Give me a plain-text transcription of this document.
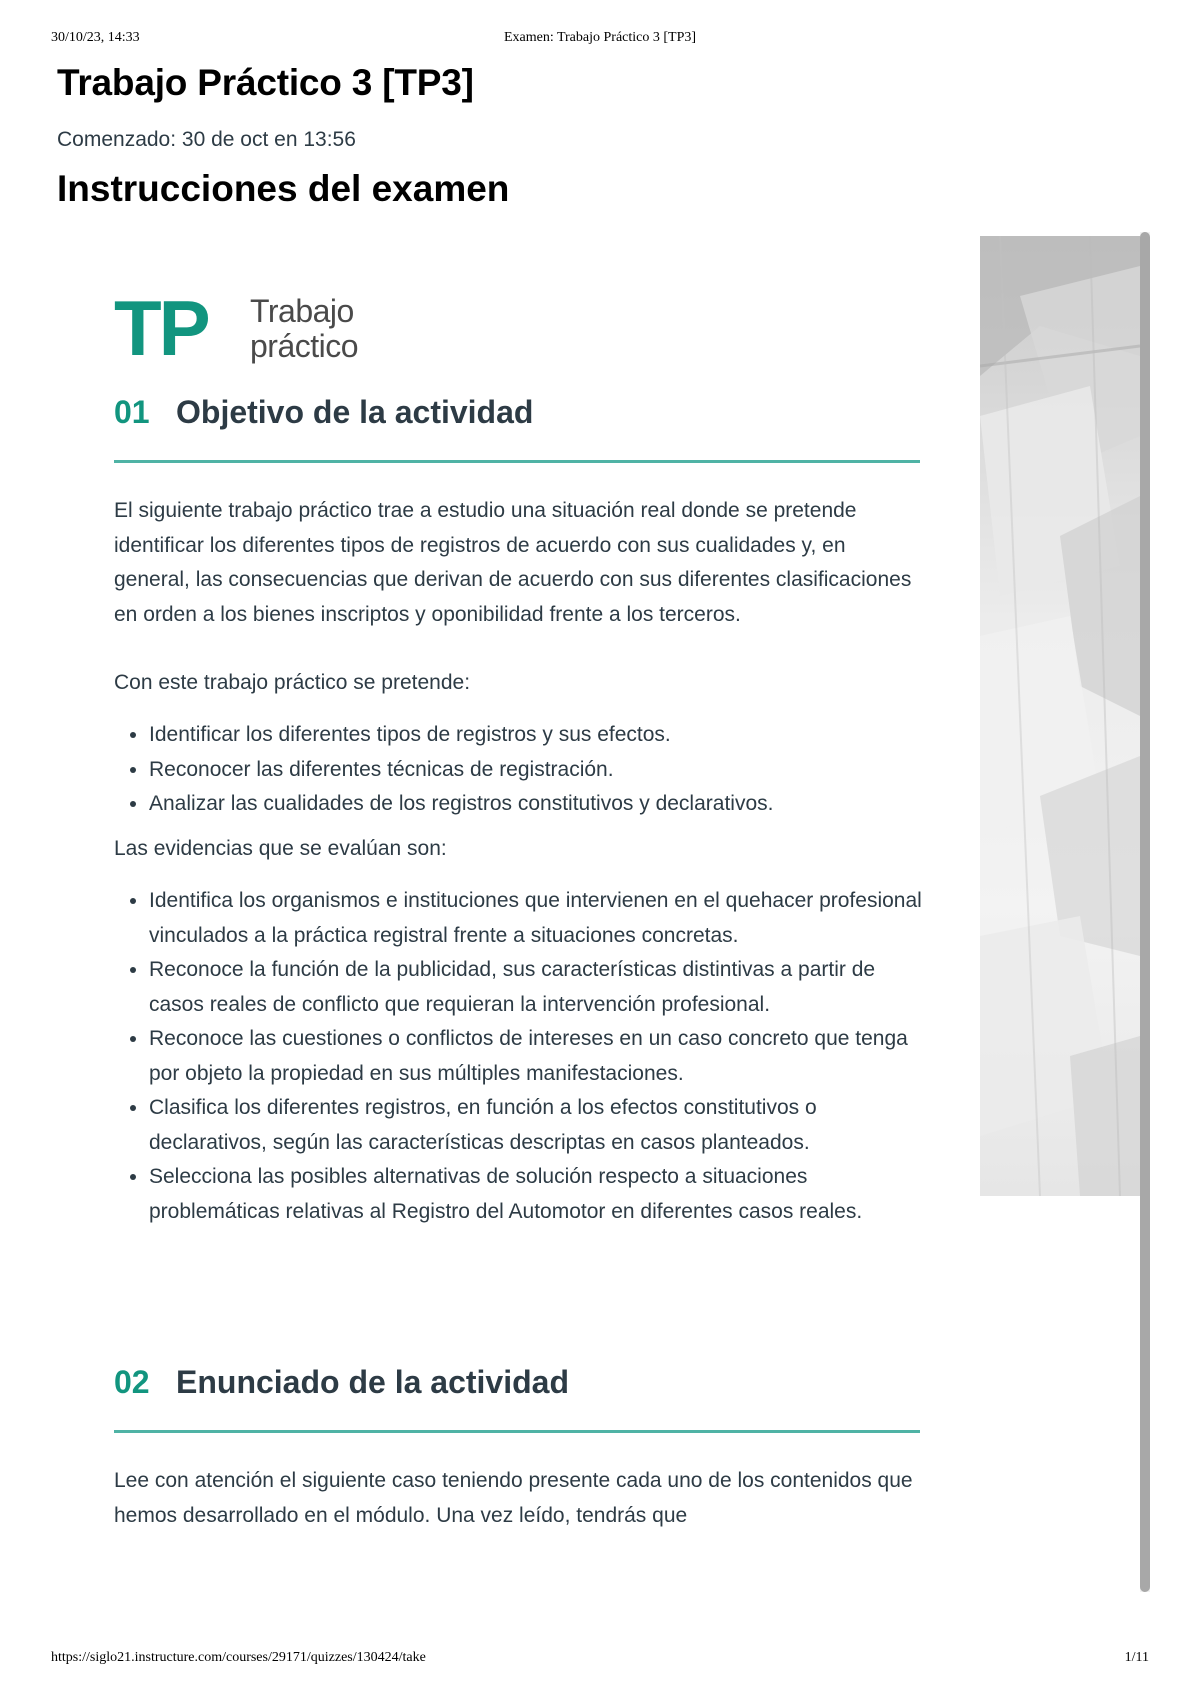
30/10/23, 14:33	Examen: Trabajo Práctico 3 [TP3]
Trabajo Práctico 3 [TP3]
Comenzado: 30 de oct en 13:56
Instrucciones del examen
TP Trabajo
práctico
01 Objetivo de la actividad

El siguiente trabajo práctico trae a estudio una situación real donde se pretende identificar los diferentes tipos de registros de acuerdo con sus cualidades y, en general, las consecuencias que derivan de acuerdo con sus diferentes clasificaciones en orden a los bienes inscriptos y oponibilidad frente a los terceros.

Con este trabajo práctico se pretende:

• Identificar los diferentes tipos de registros y sus efectos.
• Reconocer las diferentes técnicas de registración.
• Analizar las cualidades de los registros constitutivos y declarativos.

Las evidencias que se evalúan son:

• Identifica los organismos e instituciones que intervienen en el quehacer profesional vinculados a la práctica registral frente a situaciones concretas.
• Reconoce la función de la publicidad, sus características distintivas a partir de casos reales de conflicto que requieran la intervención profesional.
• Reconoce las cuestiones o conflictos de intereses en un caso concreto que tenga por objeto la propiedad en sus múltiples manifestaciones.
• Clasifica los diferentes registros, en función a los efectos constitutivos o declarativos, según las características descriptas en casos planteados.
• Selecciona las posibles alternativas de solución respecto a situaciones problemáticas relativas al Registro del Automotor en diferentes casos reales.
02 Enunciado de la actividad

Lee con atención el siguiente caso teniendo presente cada uno de los contenidos que hemos desarrollado en el módulo. Una vez leído, tendrás que

https://siglo21.instructure.com/courses/29171/quizzes/130424/take	1/11
